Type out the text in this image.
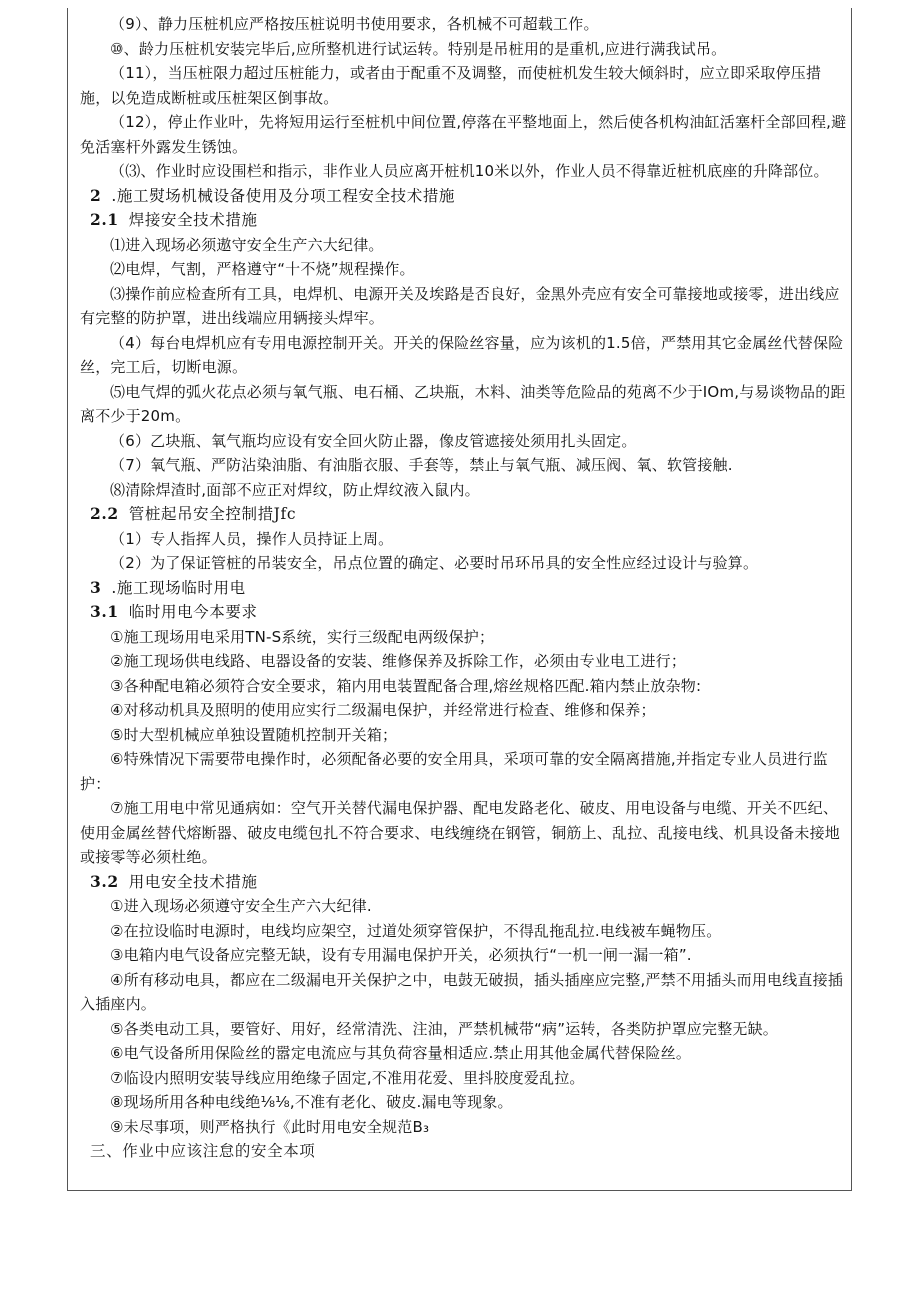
（9）、静力压桩机应严格按压桩说明书使用要求，各机械不可超载工作。

⑩、龄力压桩机安装完毕后,应所整机进行试运转。特别是吊桩用的是重机,应进行满我试吊。

（11），当压桩限力超过压桩能力，或者由于配重不及调整，而使桩机发生较大倾斜时，应立即采取停压措施，以免造成断桩或压桩架区倒事故。

（12），停止作业叶，先将短用运行至桩机中间位置,停落在平整地面上，然后使各机构油缸活塞杆全部回程,避免活塞杆外露发生锈蚀。

（⑶、作业时应设围栏和指示，非作业人员应离开桩机10米以外，作业人员不得靠近桩机底座的升降部位。

2 .施工熨场机械设备使用及分项工程安全技术措施
2.1 焊接安全技术措施

⑴进入现场必须遨守安全生产六大纪律。

⑵电焊，气割，严格遵守“十不烧”规程操作。

⑶操作前应检查所有工具，电焊机、电源开关及埃路是否良好，金黑外壳应有安全可靠接地或接零，进出线应有完整的防护罩，进出线端应用辆接头焊牢。

（4）每台电焊机应有专用电源控制开关。开关的保险丝容量，应为该机的1.5倍，严禁用其它金属丝代替保险丝，完工后，切断电源。

⑸电气焊的弧火花点必须与氧气瓶、电石桶、乙块瓶，木料、油类等危险品的苑离不少于IOm,与易谈物品的距离不少于20m。

（6）乙块瓶、氧气瓶均应设有安全回火防止器，像皮管遮接处须用扎头固定。

（7）氧气瓶、严防沾染油脂、有油脂衣服、手套等，禁止与氧气瓶、减压阀、氧、软管接触.

⑻清除焊渣时,面部不应正对焊纹，防止焊纹液入鼠内。

2.2 管桩起吊安全控制措Jfc

（1）专人指挥人员，操作人员持证上周。

（2）为了保证管桩的吊装安全，吊点位置的确定、必要时吊环吊具的安全性应经过设计与验算。

3 .施工现场临时用电
3.1 临时用电今本要求

①施工现场用电采用TN-S系统，实行三级配电两级保护；

②施工现场供电线路、电器设备的安装、维修保养及拆除工作，必须由专业电工进行；

③各种配电箱必须符合安全要求，箱内用电装置配备合理,熔丝规格匹配.箱内禁止放杂物:

④对移动机具及照明的使用应实行二级漏电保护，并经常进行检查、维修和保养；

⑤时大型机械应单独设置随机控制开关箱；

⑥特殊情况下需要带电操作时，必须配备必要的安全用具，采项可靠的安全隔离措施,并指定专业人员进行监护：

⑦施工用电中常见通病如：空气开关替代漏电保护器、配电发路老化、破皮、用电设备与电缆、开关不匹纪、使用金属丝替代熔断器、破皮电缆包扎不符合要求、电线缠绕在钢管，铜筋上、乱拉、乱接电线、机具设备未接地或接零等必须杜绝。

3.2 用电安全技术措施

①进入现场必须遵守安全生产六大纪律.

②在拉设临时电源时，电线均应架空，过道处须穿管保护，不得乱拖乱拉.电线被车蝇物压。

③电箱内电气设备应完整无缺，设有专用漏电保护开关，必须执行“一机一闸一漏一箱”.

④所有移动电具，都应在二级漏电开关保护之中，电鼓无破损，插头插座应完整,严禁不用插头而用电线直接插入插座内。

⑤各类电动工具，要管好、用好，经常清洗、注油，严禁机械带“病”运转，各类防护罩应完整无缺。

⑥电气设备所用保险丝的嚣定电流应与其负荷容量相适应.禁止用其他金属代替保险丝。

⑦临设内照明安装导线应用绝缘子固定,不准用花爱、里抖胶度爱乱拉。

⑧现场所用各种电线绝⅛⅛,不准有老化、破皮.漏电等现象。

⑨未尽事项，则严格执行《此时用电安全规范B₃

三、作业中应该注怠的安全本项
